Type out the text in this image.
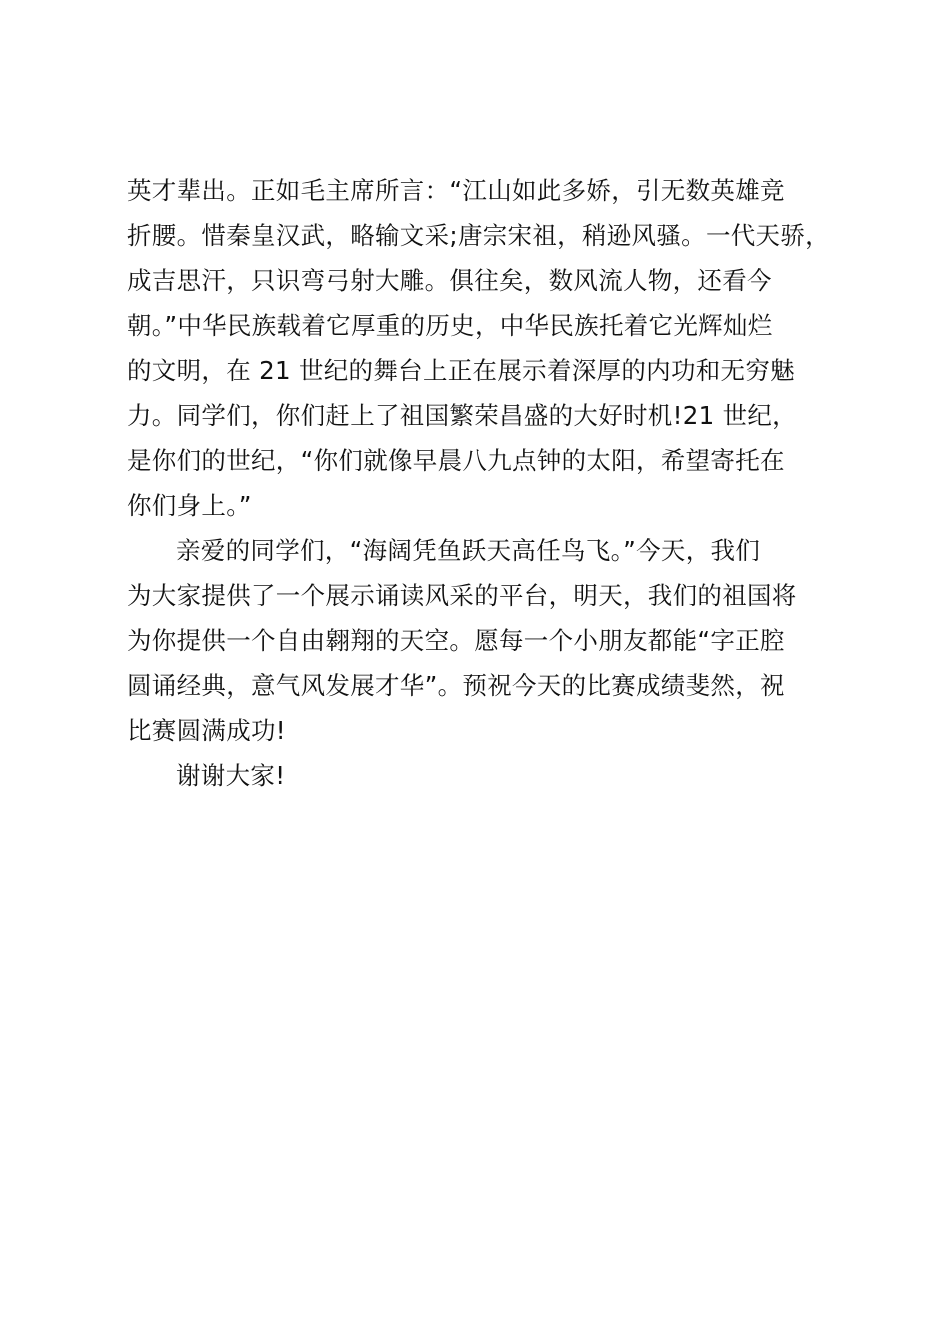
英才辈出。正如毛主席所言：“江山如此多娇，引无数英雄竞
折腰。惜秦皇汉武，略输文采;唐宗宋祖，稍逊风骚。一代天骄，
成吉思汗，只识弯弓射大雕。俱往矣，数风流人物，还看今
朝。”中华民族载着它厚重的历史，中华民族托着它光辉灿烂
的文明，在 21 世纪的舞台上正在展示着深厚的内功和无穷魅
力。同学们，你们赶上了祖国繁荣昌盛的大好时机!21 世纪，
是你们的世纪，“你们就像早晨八九点钟的太阳，希望寄托在
你们身上。”
亲爱的同学们，“海阔凭鱼跃天高任鸟飞。”今天，我们
为大家提供了一个展示诵读风采的平台，明天，我们的祖国将
为你提供一个自由翱翔的天空。愿每一个小朋友都能“字正腔
圆诵经典，意气风发展才华”。预祝今天的比赛成绩斐然，祝
比赛圆满成功!
谢谢大家!
